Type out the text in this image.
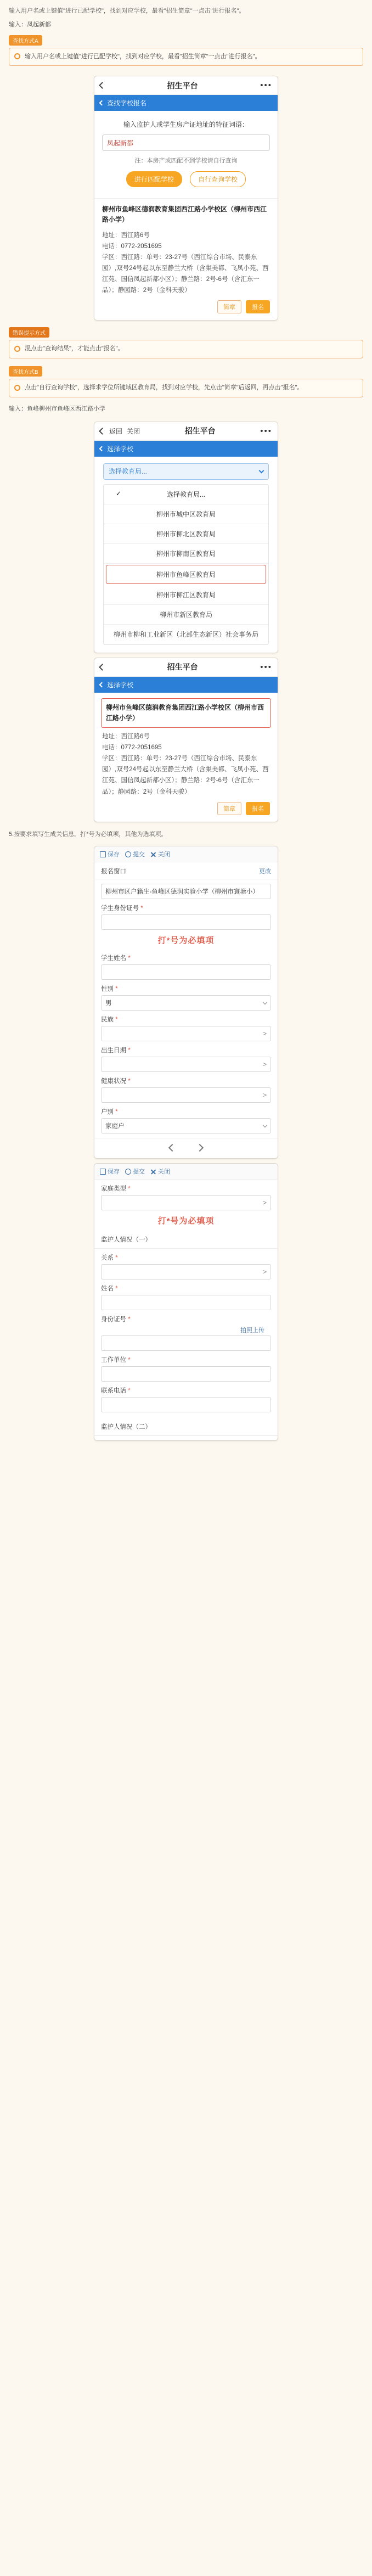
输入用户名或上键值"进行已配学校"，找到对应学校，最看"招生简章"一点击"进行报名"。
输入：凤起新都
查找方式A
输入用户名或上键值"进行已配学校"，找到对应学校，最看"招生简章"一点击"进行报名"。
招生平台	•••
查找学校报名
输入监护人或学生房产证地址的特征词语：
凤起新都
注：本房产或匹配不到学校请自行查询
进行匹配学校	自行查询学校
柳州市鱼峰区德润教育集团西江路小学校区（柳州市西江路小学）
地址：西江路6号
电话：0772-2051695
学区：西江路：单号：23-27号（西江综合市场、民泰东园）,双号24号起以东至静兰大桥（含集美都、飞凤小苑、西江苑、国信凤起新都小区）；静兰路：2号-6号（含汇东一品）；静园路：2号（金科天骏）
简章	报名
错误提示方式
混点击"查询结果"，才能点击"报名"。
查找方式B
点击"自行查询学校"，选择求学位所键域区教育局，找到对应学校，先点击"简章"后返回，再点击"报名"。
输入：鱼峰柳州市鱼峰区西江路小学
返回 关闭	招生平台	•••
选择学校
选择教育局...
✓ 选择教育局...
柳州市城中区教育局
柳州市柳北区教育局
柳州市柳南区教育局
柳州市鱼峰区教育局
柳州市柳江区教育局
柳州市新区教育局
柳州市柳和工业新区（北部生态新区）社会事务局
招生平台	•••
选择学校
柳州市鱼峰区德润教育集团西江路小学校区（柳州市西江路小学）
地址：西江路6号
电话：0772-2051695
学区：西江路：单号：23-27号（西江综合市场、民泰东园）,双号24号起以东至静兰大桥（含集美都、飞凤小苑、西江苑、国信凤起新都小区）；静兰路：2号-6号（含汇东一品）；静园路：2号（金科天骏）
简章	报名
5.按要求填写生成关信息。打*号为必填项，其他为选填项。
保存 提交 关闭
报名窗口	更改
柳州市区户籍生-鱼峰区德润实验小学（柳州市寰塘小）
学生身份证号 *
打*号为必填项
学生姓名 *
性别 *
男
民族 *
>
出生日期 *
>
健康状况 *
>
户别 *
家庭户
保存 提交 关闭
家庭类型 *
>
打*号为必填项
监护人情况（一）
关系 *
>
姓名 *
身份证号 *
拍照上传
工作单位 *
联系电话 *
监护人情况（二）
